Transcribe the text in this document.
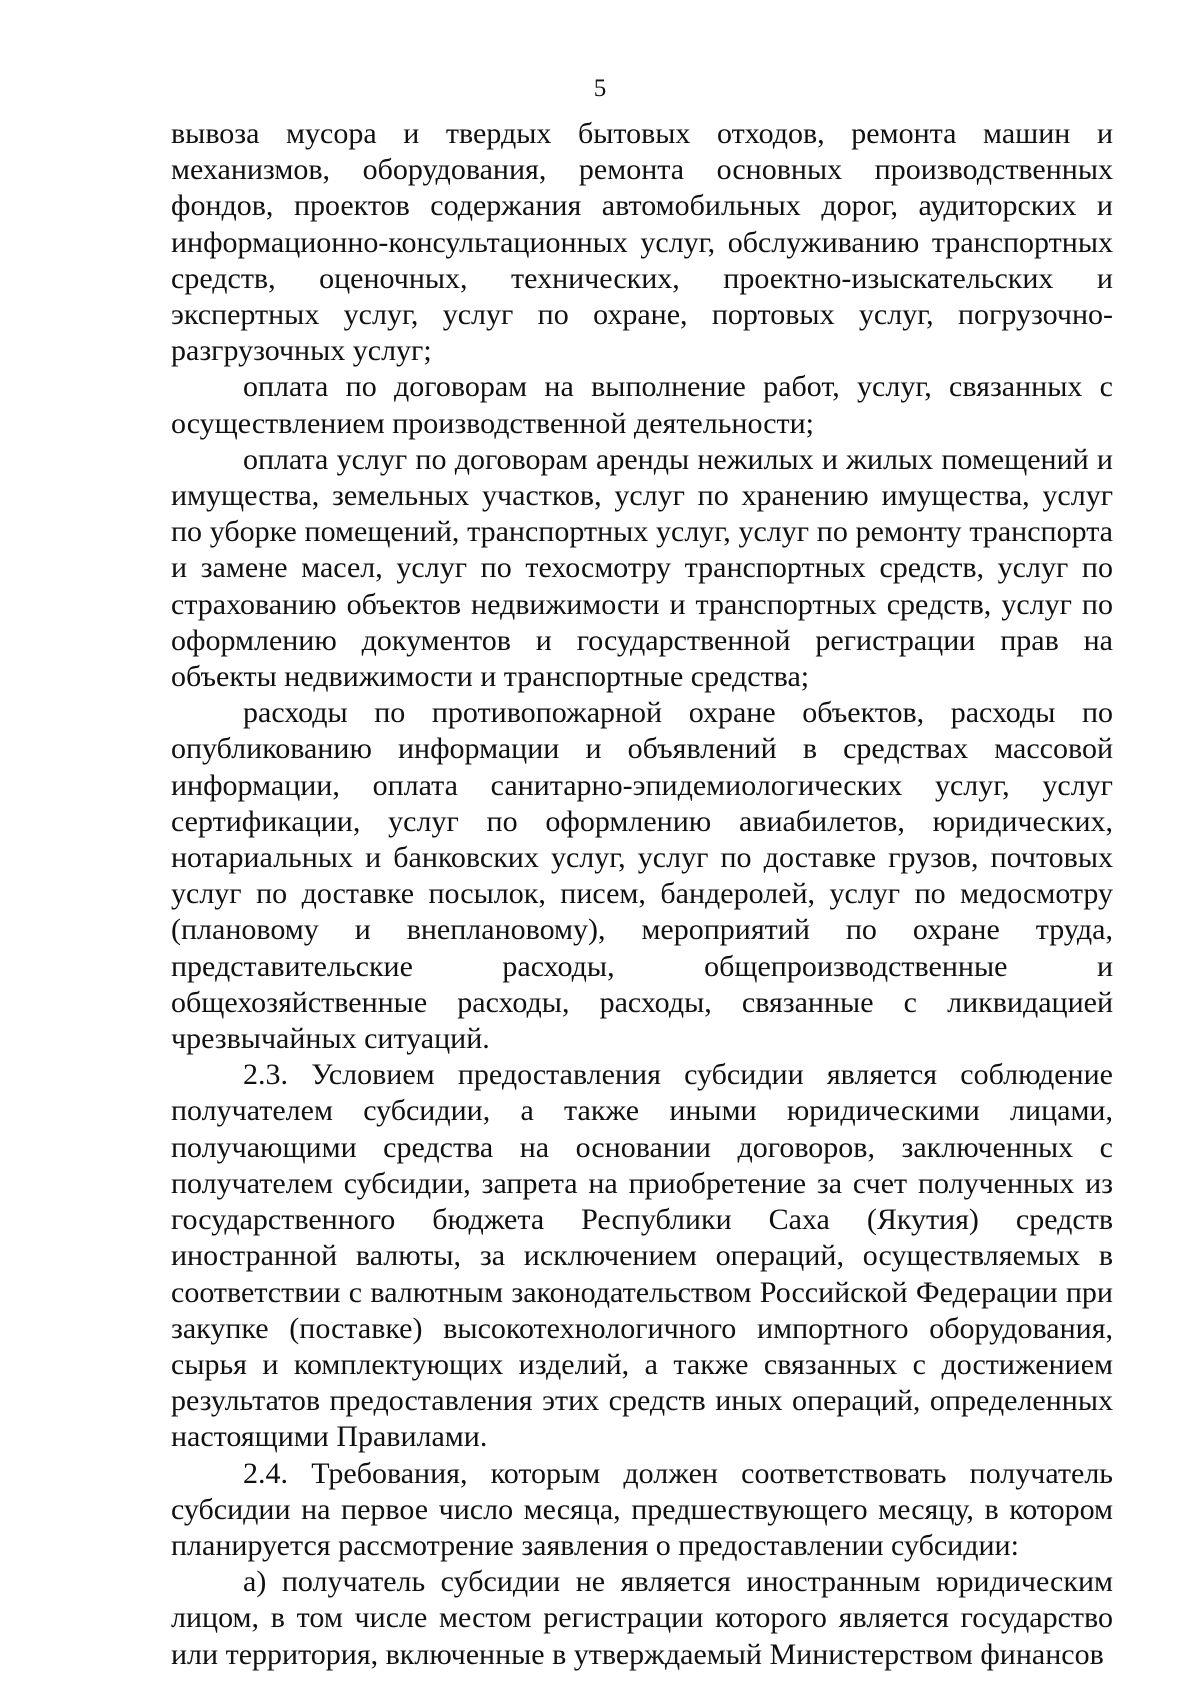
5

вывоза мусора и твердых бытовых отходов, ремонта машин и механизмов, оборудования, ремонта основных производственных фондов, проектов содержания автомобильных дорог, аудиторских и информационно-консультационных услуг, обслуживанию транспортных средств, оценочных, технических, проектно-изыскательских и экспертных услуг, услуг по охране, портовых услуг, погрузочно-разгрузочных услуг;

оплата по договорам на выполнение работ, услуг, связанных с осуществлением производственной деятельности;

оплата услуг по договорам аренды нежилых и жилых помещений и имущества, земельных участков, услуг по хранению имущества, услуг по уборке помещений, транспортных услуг, услуг по ремонту транспорта и замене масел, услуг по техосмотру транспортных средств, услуг по страхованию объектов недвижимости и транспортных средств, услуг по оформлению документов и государственной регистрации прав на объекты недвижимости и транспортные средства;

расходы по противопожарной охране объектов, расходы по опубликованию информации и объявлений в средствах массовой информации, оплата санитарно-эпидемиологических услуг, услуг сертификации, услуг по оформлению авиабилетов, юридических, нотариальных и банковских услуг, услуг по доставке грузов, почтовых услуг по доставке посылок, писем, бандеролей, услуг по медосмотру (плановому и внеплановому), мероприятий по охране труда, представительские расходы, общепроизводственные и общехозяйственные расходы, расходы, связанные с ликвидацией чрезвычайных ситуаций.

2.3. Условием предоставления субсидии является соблюдение получателем субсидии, а также иными юридическими лицами, получающими средства на основании договоров, заключенных с получателем субсидии, запрета на приобретение за счет полученных из государственного бюджета Республики Саха (Якутия) средств иностранной валюты, за исключением операций, осуществляемых в соответствии с валютным законодательством Российской Федерации при закупке (поставке) высокотехнологичного импортного оборудования, сырья и комплектующих изделий, а также связанных с достижением результатов предоставления этих средств иных операций, определенных настоящими Правилами.

2.4. Требования, которым должен соответствовать получатель субсидии на первое число месяца, предшествующего месяцу, в котором планируется рассмотрение заявления о предоставлении субсидии:

а) получатель субсидии не является иностранным юридическим лицом, в том числе местом регистрации которого является государство или территория, включенные в утверждаемый Министерством финансов
